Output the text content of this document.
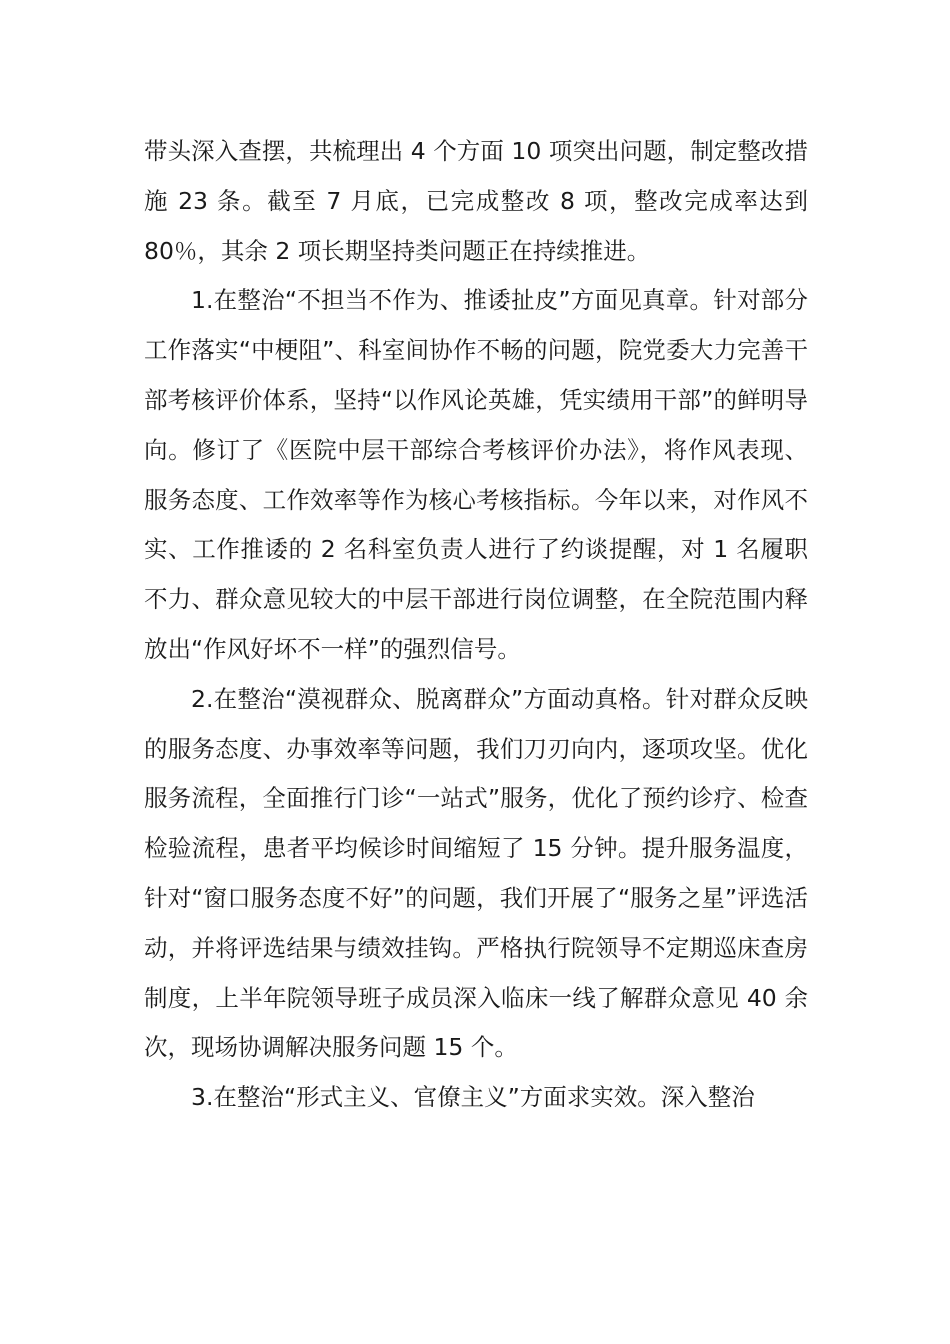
带头深入查摆，共梳理出 4 个方面 10 项突出问题，制定整改措施 23 条。截至 7 月底，已完成整改 8 项，整改完成率达到 80％，其余 2 项长期坚持类问题正在持续推进。

1.在整治“不担当不作为、推诿扯皮”方面见真章。针对部分工作落实“中梗阻”、科室间协作不畅的问题，院党委大力完善干部考核评价体系，坚持“以作风论英雄，凭实绩用干部”的鲜明导向。修订了《医院中层干部综合考核评价办法》，将作风表现、服务态度、工作效率等作为核心考核指标。今年以来，对作风不实、工作推诿的 2 名科室负责人进行了约谈提醒，对 1 名履职不力、群众意见较大的中层干部进行岗位调整，在全院范围内释放出“作风好坏不一样”的强烈信号。

2.在整治“漠视群众、脱离群众”方面动真格。针对群众反映的服务态度、办事效率等问题，我们刀刃向内，逐项攻坚。优化服务流程，全面推行门诊“一站式”服务，优化了预约诊疗、检查检验流程，患者平均候诊时间缩短了 15 分钟。提升服务温度，针对“窗口服务态度不好”的问题，我们开展了“服务之星”评选活动，并将评选结果与绩效挂钩。严格执行院领导不定期巡床查房制度，上半年院领导班子成员深入临床一线了解群众意见 40 余次，现场协调解决服务问题 15 个。

3.在整治“形式主义、官僚主义”方面求实效。深入整治
